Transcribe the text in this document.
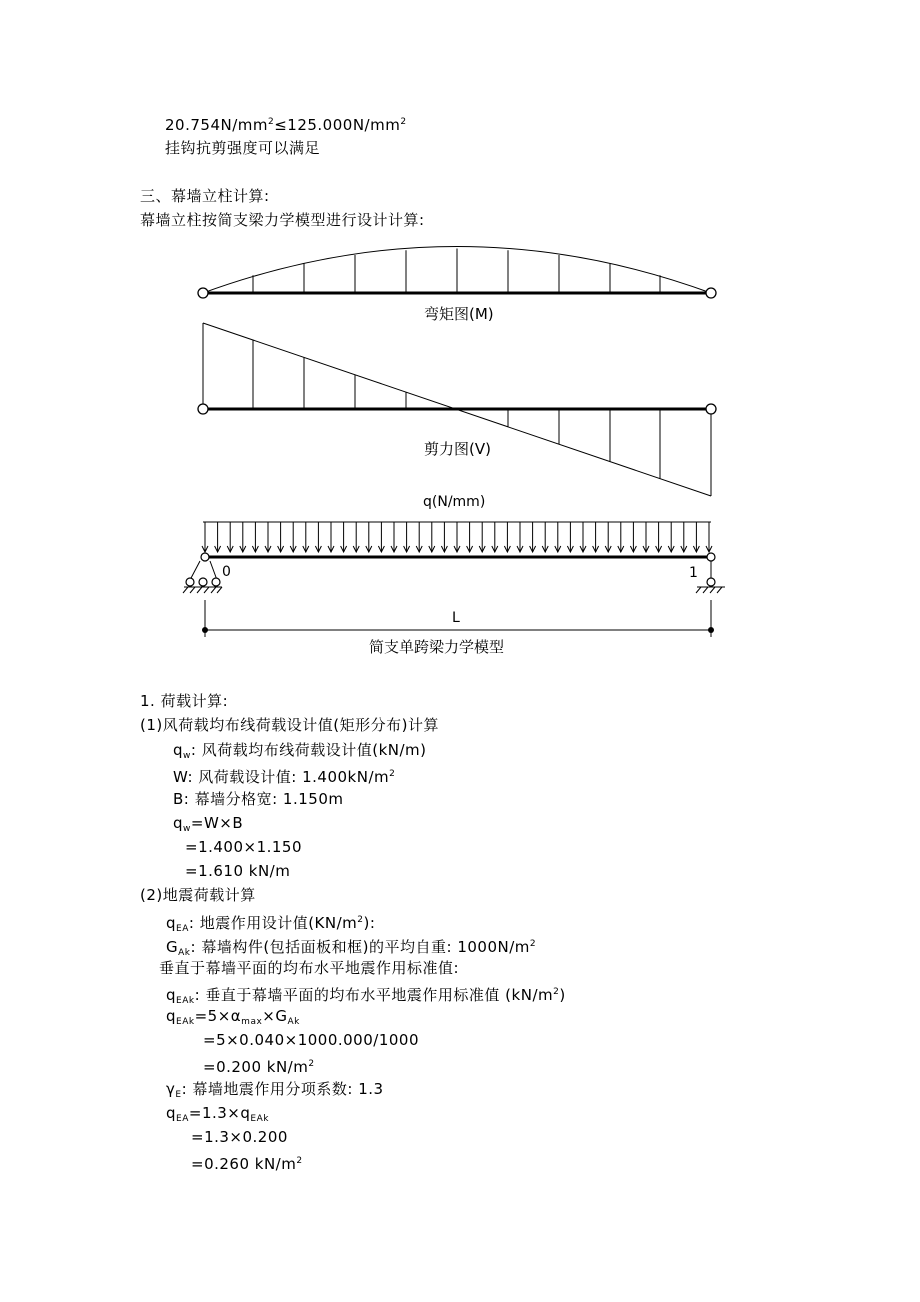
$20.754N/mm^2\le 125.000N/mm^2$
挂钩抗剪强度可以满足
三、幕墙立柱计算:
幕墙立柱按简支梁力学模型进行设计计算:
弯矩图(M)
剪力图(V)
q(N/mm)
0	1
L
简支单跨梁力学模型
1. 荷载计算:
(1)风荷载均布线荷载设计值(矩形分布)计算
$q_w$: 风荷载均布线荷载设计值(kN/m)
W: 风荷载设计值: $1.400kN/m^2$
B: 幕墙分格宽: 1.150m
$q_w=W\times B$
=1.400×1.150
=1.610 kN/m
(2)地震荷载计算
$q_{EA}$: 地震作用设计值$(KN/m^2)$:
$G_{Ak}$: 幕墙构件(包括面板和框)的平均自重: $1000N/m^2$
垂直于幕墙平面的均布水平地震作用标准值:
$q_{EAk}$: 垂直于幕墙平面的均布水平地震作用标准值 $(kN/m^2)$
$q_{EAk}=5\times\alpha_{max}\times G_{Ak}$
=5×0.040×1000.000/1000
=0.200 $kN/m^2$
$\gamma_E$: 幕墙地震作用分项系数: 1.3
$q_{EA}=1.3\times q_{EAk}$
=1.3×0.200
=0.260 $kN/m^2$
